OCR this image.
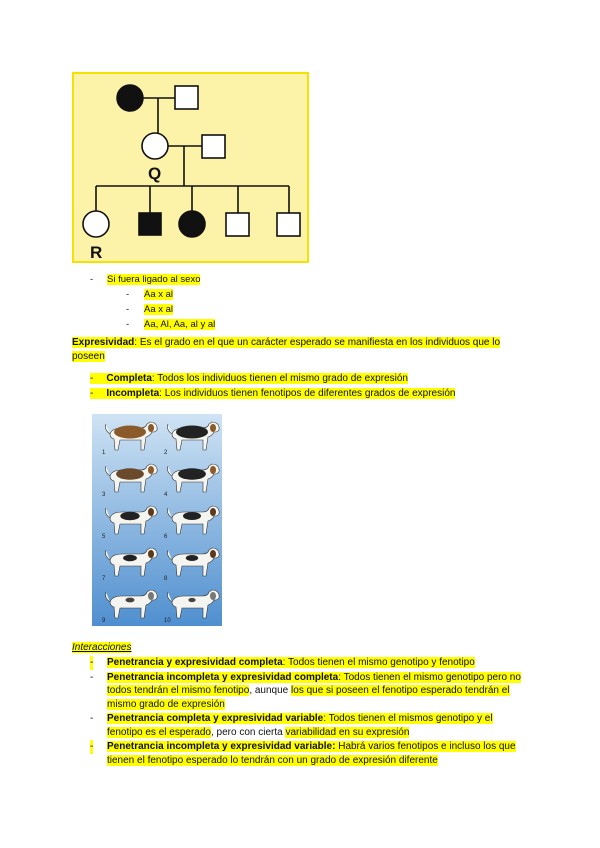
Q
R
- Si fuera ligado al sexo
- Aa x al
- Aa x al
- Aa, Al, Aa, al y al
Expresividad: Es el grado en el que un carácter esperado se manifiesta en los individuos que lo poseen
- Completa: Todos los individuos tienen el mismo grado de expresión
- Incompleta: Los individuos tienen fenotipos de diferentes grados de expresión
1	2
3	4
5	6
7	8
9	10
Interacciones
- Penetrancia y expresividad completa: Todos tienen el mismo genotipo y fenotipo
- Penetrancia incompleta y expresividad completa: Todos tienen el mismo genotipo pero no todos tendrán el mismo fenotipo, aunque los que si poseen el fenotipo esperado tendrán el mismo grado de expresión
- Penetrancia completa y expresividad variable: Todos tienen el mismos genotipo y el fenotipo es el esperado, pero con cierta variabilidad en su expresión
- Penetrancia incompleta y expresividad variable: Habrá varios fenotipos e incluso los que tienen el fenotipo esperado lo tendrán con un grado de expresión diferente
